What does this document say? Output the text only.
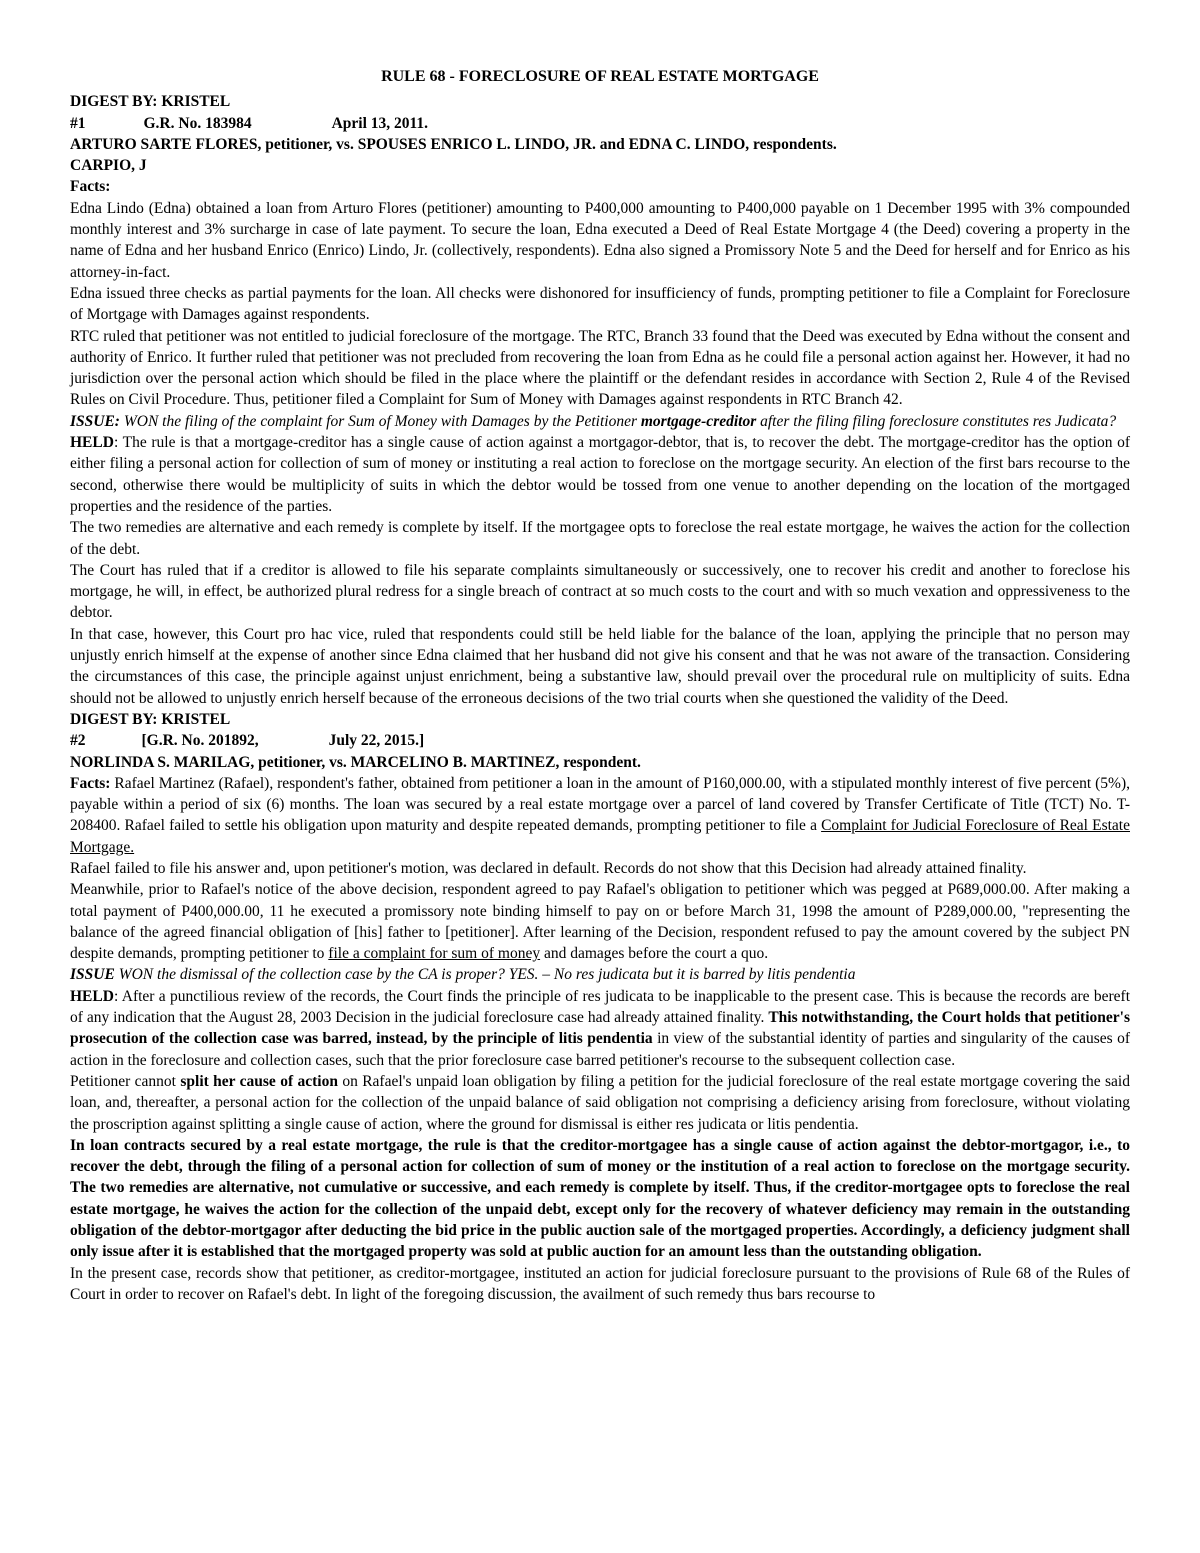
RULE 68 - FORECLOSURE OF REAL ESTATE MORTGAGE

DIGEST BY: KRISTEL

#1	G.R. No. 183984	April 13, 2011.

ARTURO SARTE FLORES, petitioner, vs. SPOUSES ENRICO L. LINDO, JR. and EDNA C. LINDO, respondents.

CARPIO, J

Facts:

Edna Lindo (Edna) obtained a loan from Arturo Flores (petitioner) amounting to P400,000 amounting to P400,000 payable on 1 December 1995 with 3% compounded monthly interest and 3% surcharge in case of late payment. To secure the loan, Edna executed a Deed of Real Estate Mortgage 4 (the Deed) covering a property in the name of Edna and her husband Enrico (Enrico) Lindo, Jr. (collectively, respondents). Edna also signed a Promissory Note 5 and the Deed for herself and for Enrico as his attorney-in-fact.

Edna issued three checks as partial payments for the loan. All checks were dishonored for insufficiency of funds, prompting petitioner to file a Complaint for Foreclosure of Mortgage with Damages against respondents.

RTC ruled that petitioner was not entitled to judicial foreclosure of the mortgage. The RTC, Branch 33 found that the Deed was executed by Edna without the consent and authority of Enrico. It further ruled that petitioner was not precluded from recovering the loan from Edna as he could file a personal action against her. However, it had no jurisdiction over the personal action which should be filed in the place where the plaintiff or the defendant resides in accordance with Section 2, Rule 4 of the Revised Rules on Civil Procedure. Thus, petitioner filed a Complaint for Sum of Money with Damages against respondents in RTC Branch 42.

ISSUE: WON the filing of the complaint for Sum of Money with Damages by the Petitioner mortgage-creditor after the filing filing foreclosure constitutes res Judicata?

HELD: The rule is that a mortgage-creditor has a single cause of action against a mortgagor-debtor, that is, to recover the debt. The mortgage-creditor has the option of either filing a personal action for collection of sum of money or instituting a real action to foreclose on the mortgage security. An election of the first bars recourse to the second, otherwise there would be multiplicity of suits in which the debtor would be tossed from one venue to another depending on the location of the mortgaged properties and the residence of the parties.

The two remedies are alternative and each remedy is complete by itself. If the mortgagee opts to foreclose the real estate mortgage, he waives the action for the collection of the debt.

The Court has ruled that if a creditor is allowed to file his separate complaints simultaneously or successively, one to recover his credit and another to foreclose his mortgage, he will, in effect, be authorized plural redress for a single breach of contract at so much costs to the court and with so much vexation and oppressiveness to the debtor.

In that case, however, this Court pro hac vice, ruled that respondents could still be held liable for the balance of the loan, applying the principle that no person may unjustly enrich himself at the expense of another since Edna claimed that her husband did not give his consent and that he was not aware of the transaction. Considering the circumstances of this case, the principle against unjust enrichment, being a substantive law, should prevail over the procedural rule on multiplicity of suits. Edna should not be allowed to unjustly enrich herself because of the erroneous decisions of the two trial courts when she questioned the validity of the Deed.

DIGEST BY: KRISTEL

#2	[G.R. No. 201892,	July 22, 2015.]

NORLINDA S. MARILAG, petitioner, vs. MARCELINO B. MARTINEZ, respondent.

Facts: Rafael Martinez (Rafael), respondent's father, obtained from petitioner a loan in the amount of P160,000.00, with a stipulated monthly interest of five percent (5%), payable within a period of six (6) months. The loan was secured by a real estate mortgage over a parcel of land covered by Transfer Certificate of Title (TCT) No. T-208400. Rafael failed to settle his obligation upon maturity and despite repeated demands, prompting petitioner to file a Complaint for Judicial Foreclosure of Real Estate Mortgage.

Rafael failed to file his answer and, upon petitioner's motion, was declared in default. Records do not show that this Decision had already attained finality.

Meanwhile, prior to Rafael's notice of the above decision, respondent agreed to pay Rafael's obligation to petitioner which was pegged at P689,000.00. After making a total payment of P400,000.00, 11 he executed a promissory note binding himself to pay on or before March 31, 1998 the amount of P289,000.00, "representing the balance of the agreed financial obligation of [his] father to [petitioner]. After learning of the Decision, respondent refused to pay the amount covered by the subject PN despite demands, prompting petitioner to file a complaint for sum of money and damages before the court a quo.

ISSUE WON the dismissal of the collection case by the CA is proper? YES. – No res judicata but it is barred by litis pendentia

HELD: After a punctilious review of the records, the Court finds the principle of res judicata to be inapplicable to the present case. This is because the records are bereft of any indication that the August 28, 2003 Decision in the judicial foreclosure case had already attained finality. This notwithstanding, the Court holds that petitioner's prosecution of the collection case was barred, instead, by the principle of litis pendentia in view of the substantial identity of parties and singularity of the causes of action in the foreclosure and collection cases, such that the prior foreclosure case barred petitioner's recourse to the subsequent collection case.

Petitioner cannot split her cause of action on Rafael's unpaid loan obligation by filing a petition for the judicial foreclosure of the real estate mortgage covering the said loan, and, thereafter, a personal action for the collection of the unpaid balance of said obligation not comprising a deficiency arising from foreclosure, without violating the proscription against splitting a single cause of action, where the ground for dismissal is either res judicata or litis pendentia.

In loan contracts secured by a real estate mortgage, the rule is that the creditor-mortgagee has a single cause of action against the debtor-mortgagor, i.e., to recover the debt, through the filing of a personal action for collection of sum of money or the institution of a real action to foreclose on the mortgage security. The two remedies are alternative, not cumulative or successive, and each remedy is complete by itself. Thus, if the creditor-mortgagee opts to foreclose the real estate mortgage, he waives the action for the collection of the unpaid debt, except only for the recovery of whatever deficiency may remain in the outstanding obligation of the debtor-mortgagor after deducting the bid price in the public auction sale of the mortgaged properties. Accordingly, a deficiency judgment shall only issue after it is established that the mortgaged property was sold at public auction for an amount less than the outstanding obligation.

In the present case, records show that petitioner, as creditor-mortgagee, instituted an action for judicial foreclosure pursuant to the provisions of Rule 68 of the Rules of Court in order to recover on Rafael's debt. In light of the foregoing discussion, the availment of such remedy thus bars recourse to
